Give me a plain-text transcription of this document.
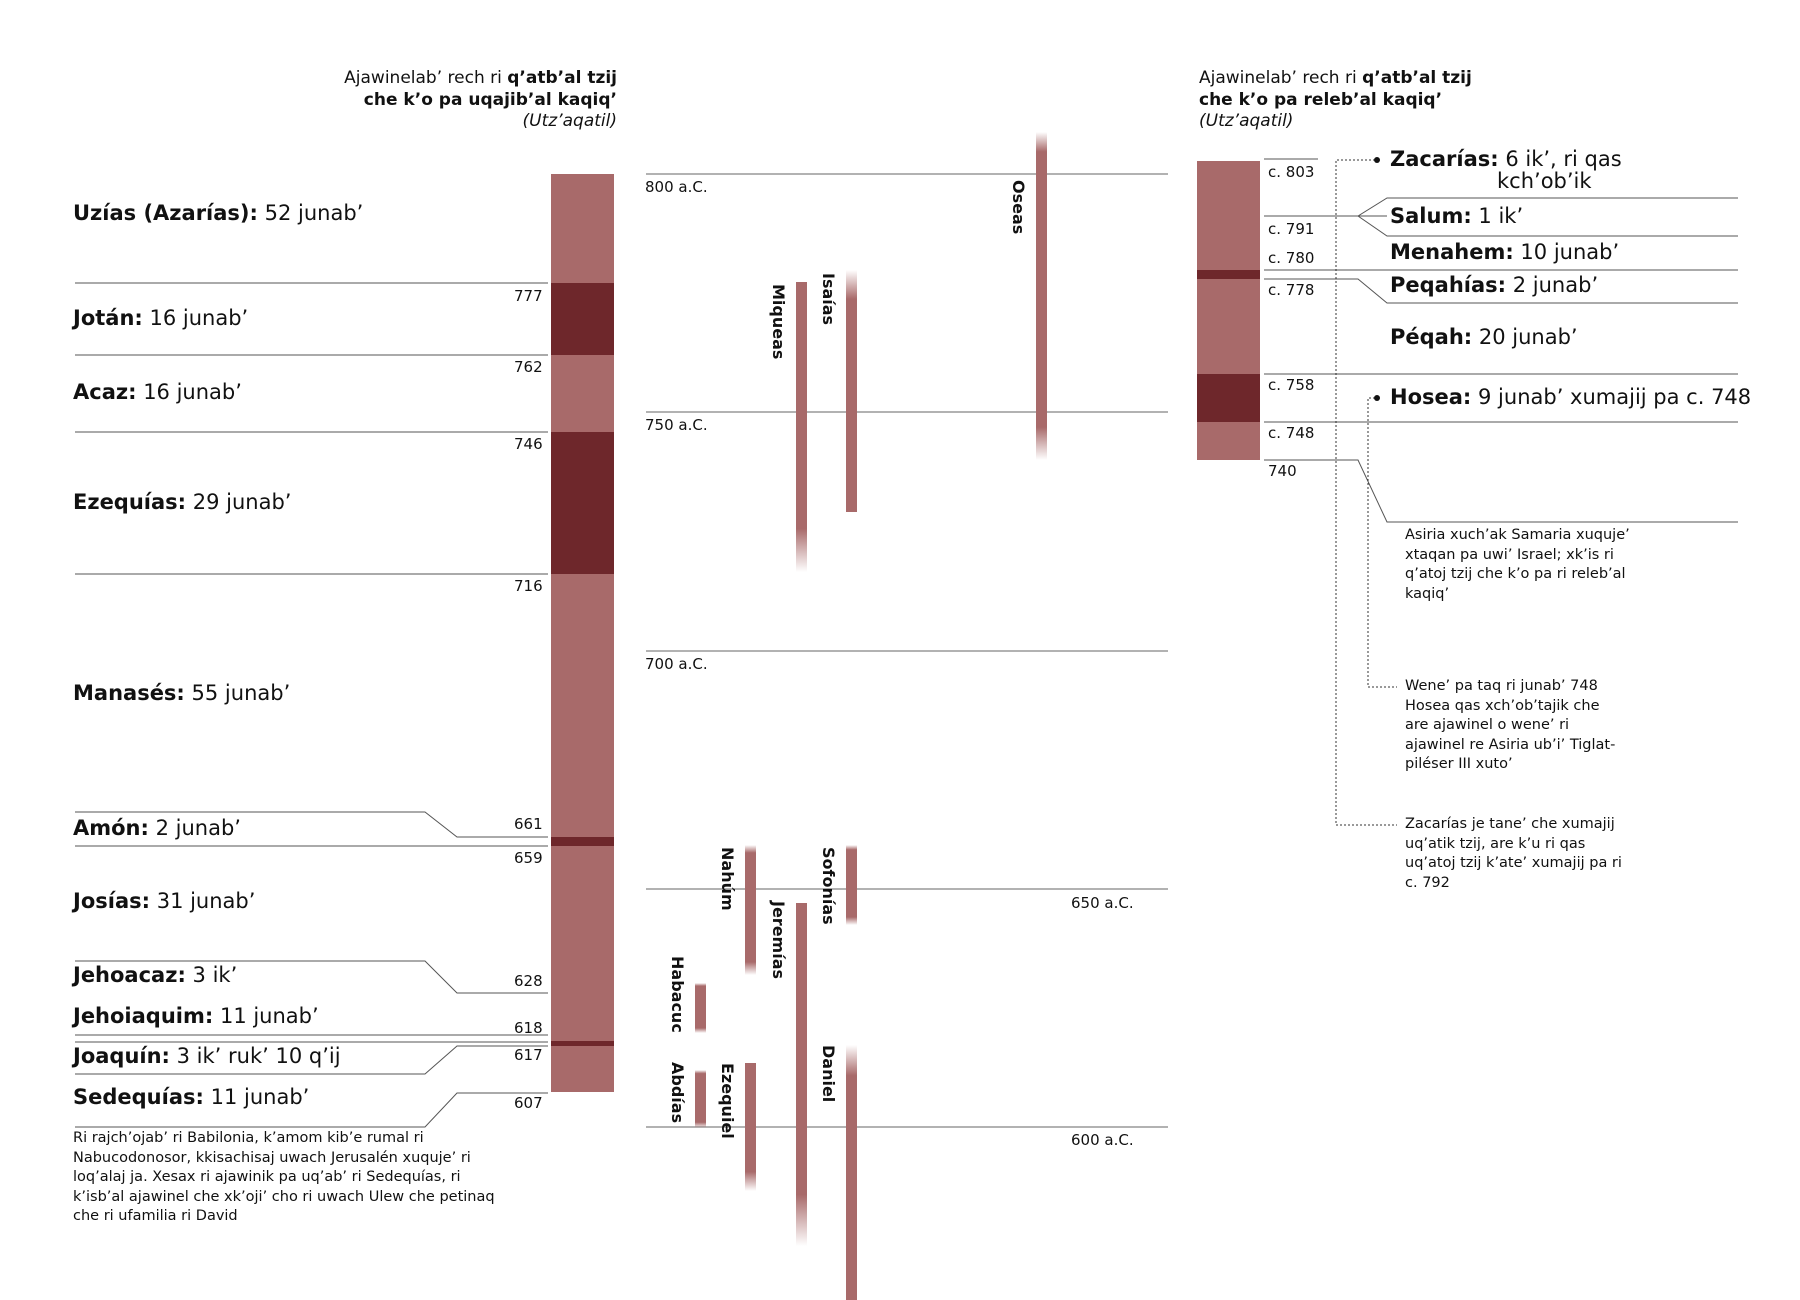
Ajawinelab’ rech ri q’atb’al tzij
che k’o pa uqajib’al kaqiq’
(Utz’aqatil)
Ajawinelab’ rech ri q’atb’al tzij
che k’o pa releb’al kaqiq’
(Utz’aqatil)
Uzías (Azarías): 52 junab’
Jotán: 16 junab’
Acaz: 16 junab’
Ezequías: 29 junab’
Manasés: 55 junab’
Amón: 2 junab’
Josías: 31 junab’
Jehoacaz: 3 ik’
Jehoiaquim: 11 junab’
Joaquín: 3 ik’ ruk’ 10 q’ij
Sedequías: 11 junab’
777
762
746
716
661
659
628
618
617
607
Ri rajch’ojab’ ri Babilonia, k’amom kib’e rumal ri Nabucodonosor, kkisachisaj uwach Jerusalén xuquje’ ri loq’alaj ja. Xesax ri ajawinik pa uq’ab’ ri Sedequías, ri k’isb’al ajawinel che xk’oji’ cho ri uwach Ulew che petinaq che ri ufamilia ri David
800 a.C.
750 a.C.
700 a.C.
650 a.C.
600 a.C.
Oseas
Isaías
Miqueas
Nahúm	Sofonías
Jeremías
Habacuc
Abdías Ezequiel	Daniel
c. 803
c. 791
c. 780
c. 778
c. 758
c. 748
740
Zacarías: 6 ik’, ri qas
kch’ob’ik
Salum: 1 ik’
Menahem: 10 junab’
Peqahías: 2 junab’
Péqah: 20 junab’
Hosea: 9 junab’ xumajij pa c. 748
Asiria xuch’ak Samaria xuquje’ xtaqan pa uwi’ Israel; xk’is ri q’atoj tzij che k’o pa ri releb’al kaqiq’
Wene’ pa taq ri junab’ 748 Hosea qas xch’ob’tajik che are ajawinel o wene’ ri ajawinel re Asiria ub’i’ Tiglat-piléser III xuto’
Zacarías je tane’ che xumajij uq’atik tzij, are k’u ri qas uq’atoj tzij k’ate’ xumajij pa ri c. 792
